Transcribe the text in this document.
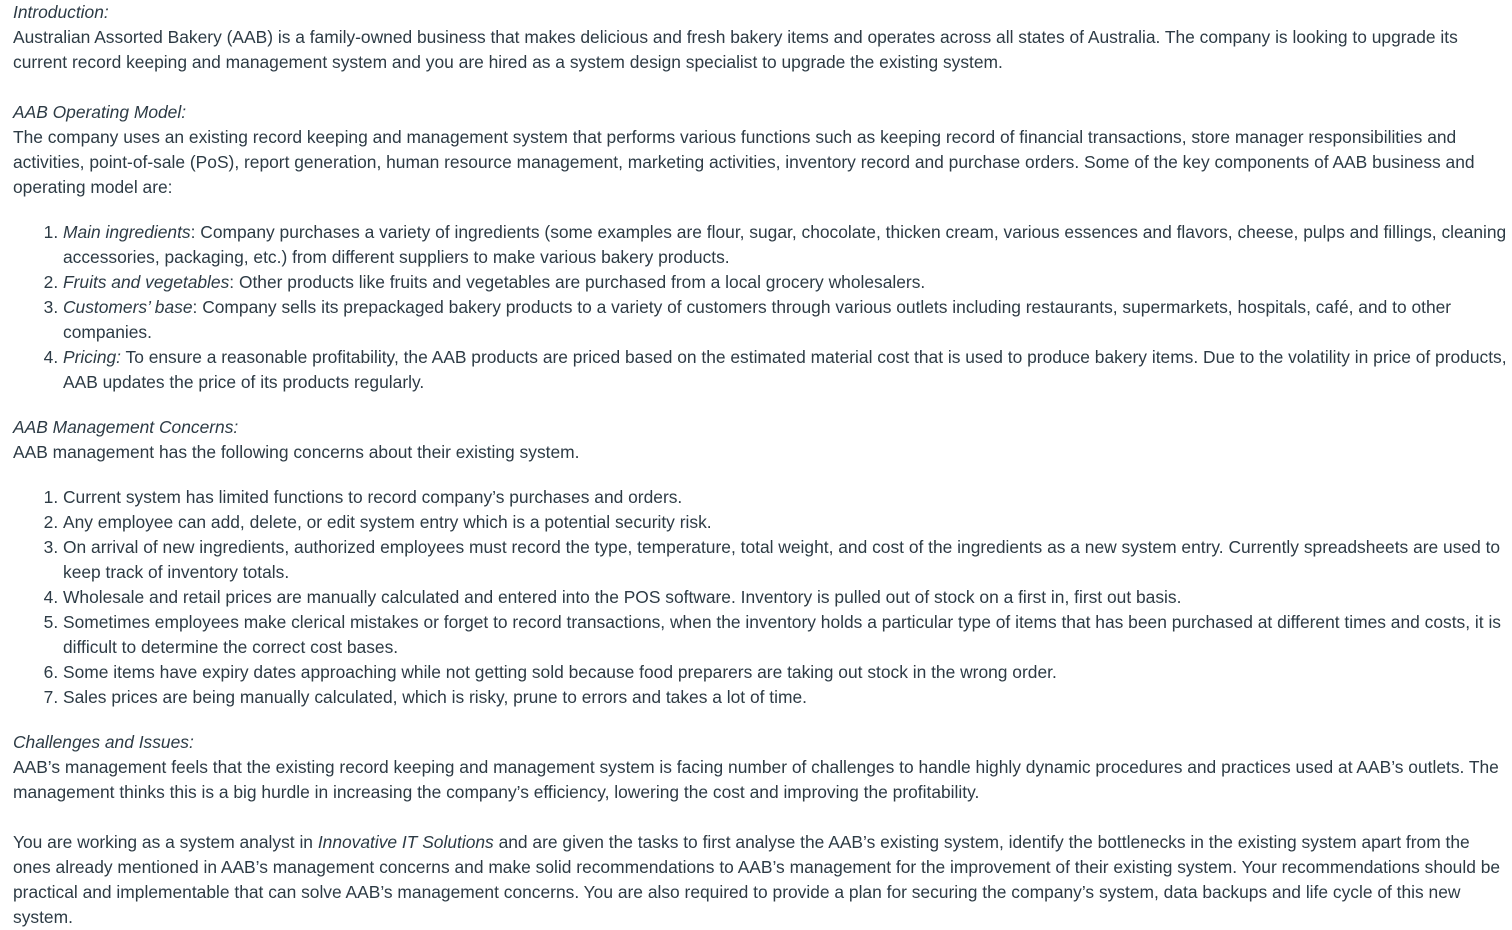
Introduction:

Australian Assorted Bakery (AAB) is a family-owned business that makes delicious and fresh bakery items and operates across all states of Australia. The company is looking to upgrade its current record keeping and management system and you are hired as a system design specialist to upgrade the existing system.

AAB Operating Model:

The company uses an existing record keeping and management system that performs various functions such as keeping record of financial transactions, store manager responsibilities and activities, point-of-sale (PoS), report generation, human resource management, marketing activities, inventory record and purchase orders. Some of the key components of AAB business and operating model are:

1. Main ingredients: Company purchases a variety of ingredients (some examples are flour, sugar, chocolate, thicken cream, various essences and flavors, cheese, pulps and fillings, cleaning accessories, packaging, etc.) from different suppliers to make various bakery products.
2. Fruits and vegetables: Other products like fruits and vegetables are purchased from a local grocery wholesalers.
3. Customers’ base: Company sells its prepackaged bakery products to a variety of customers through various outlets including restaurants, supermarkets, hospitals, café, and to other companies.
4. Pricing: To ensure a reasonable profitability, the AAB products are priced based on the estimated material cost that is used to produce bakery items. Due to the volatility in price of products, AAB updates the price of its products regularly.

AAB Management Concerns:

AAB management has the following concerns about their existing system.

1. Current system has limited functions to record company’s purchases and orders.
2. Any employee can add, delete, or edit system entry which is a potential security risk.
3. On arrival of new ingredients, authorized employees must record the type, temperature, total weight, and cost of the ingredients as a new system entry. Currently spreadsheets are used to keep track of inventory totals.
4. Wholesale and retail prices are manually calculated and entered into the POS software. Inventory is pulled out of stock on a first in, first out basis.
5. Sometimes employees make clerical mistakes or forget to record transactions, when the inventory holds a particular type of items that has been purchased at different times and costs, it is difficult to determine the correct cost bases.
6. Some items have expiry dates approaching while not getting sold because food preparers are taking out stock in the wrong order.
7. Sales prices are being manually calculated, which is risky, prune to errors and takes a lot of time.

Challenges and Issues:

AAB’s management feels that the existing record keeping and management system is facing number of challenges to handle highly dynamic procedures and practices used at AAB’s outlets. The management thinks this is a big hurdle in increasing the company’s efficiency, lowering the cost and improving the profitability.

You are working as a system analyst in Innovative IT Solutions and are given the tasks to first analyse the AAB’s existing system, identify the bottlenecks in the existing system apart from the ones already mentioned in AAB’s management concerns and make solid recommendations to AAB’s management for the improvement of their existing system. Your recommendations should be practical and implementable that can solve AAB’s management concerns. You are also required to provide a plan for securing the company’s system, data backups and life cycle of this new system.
